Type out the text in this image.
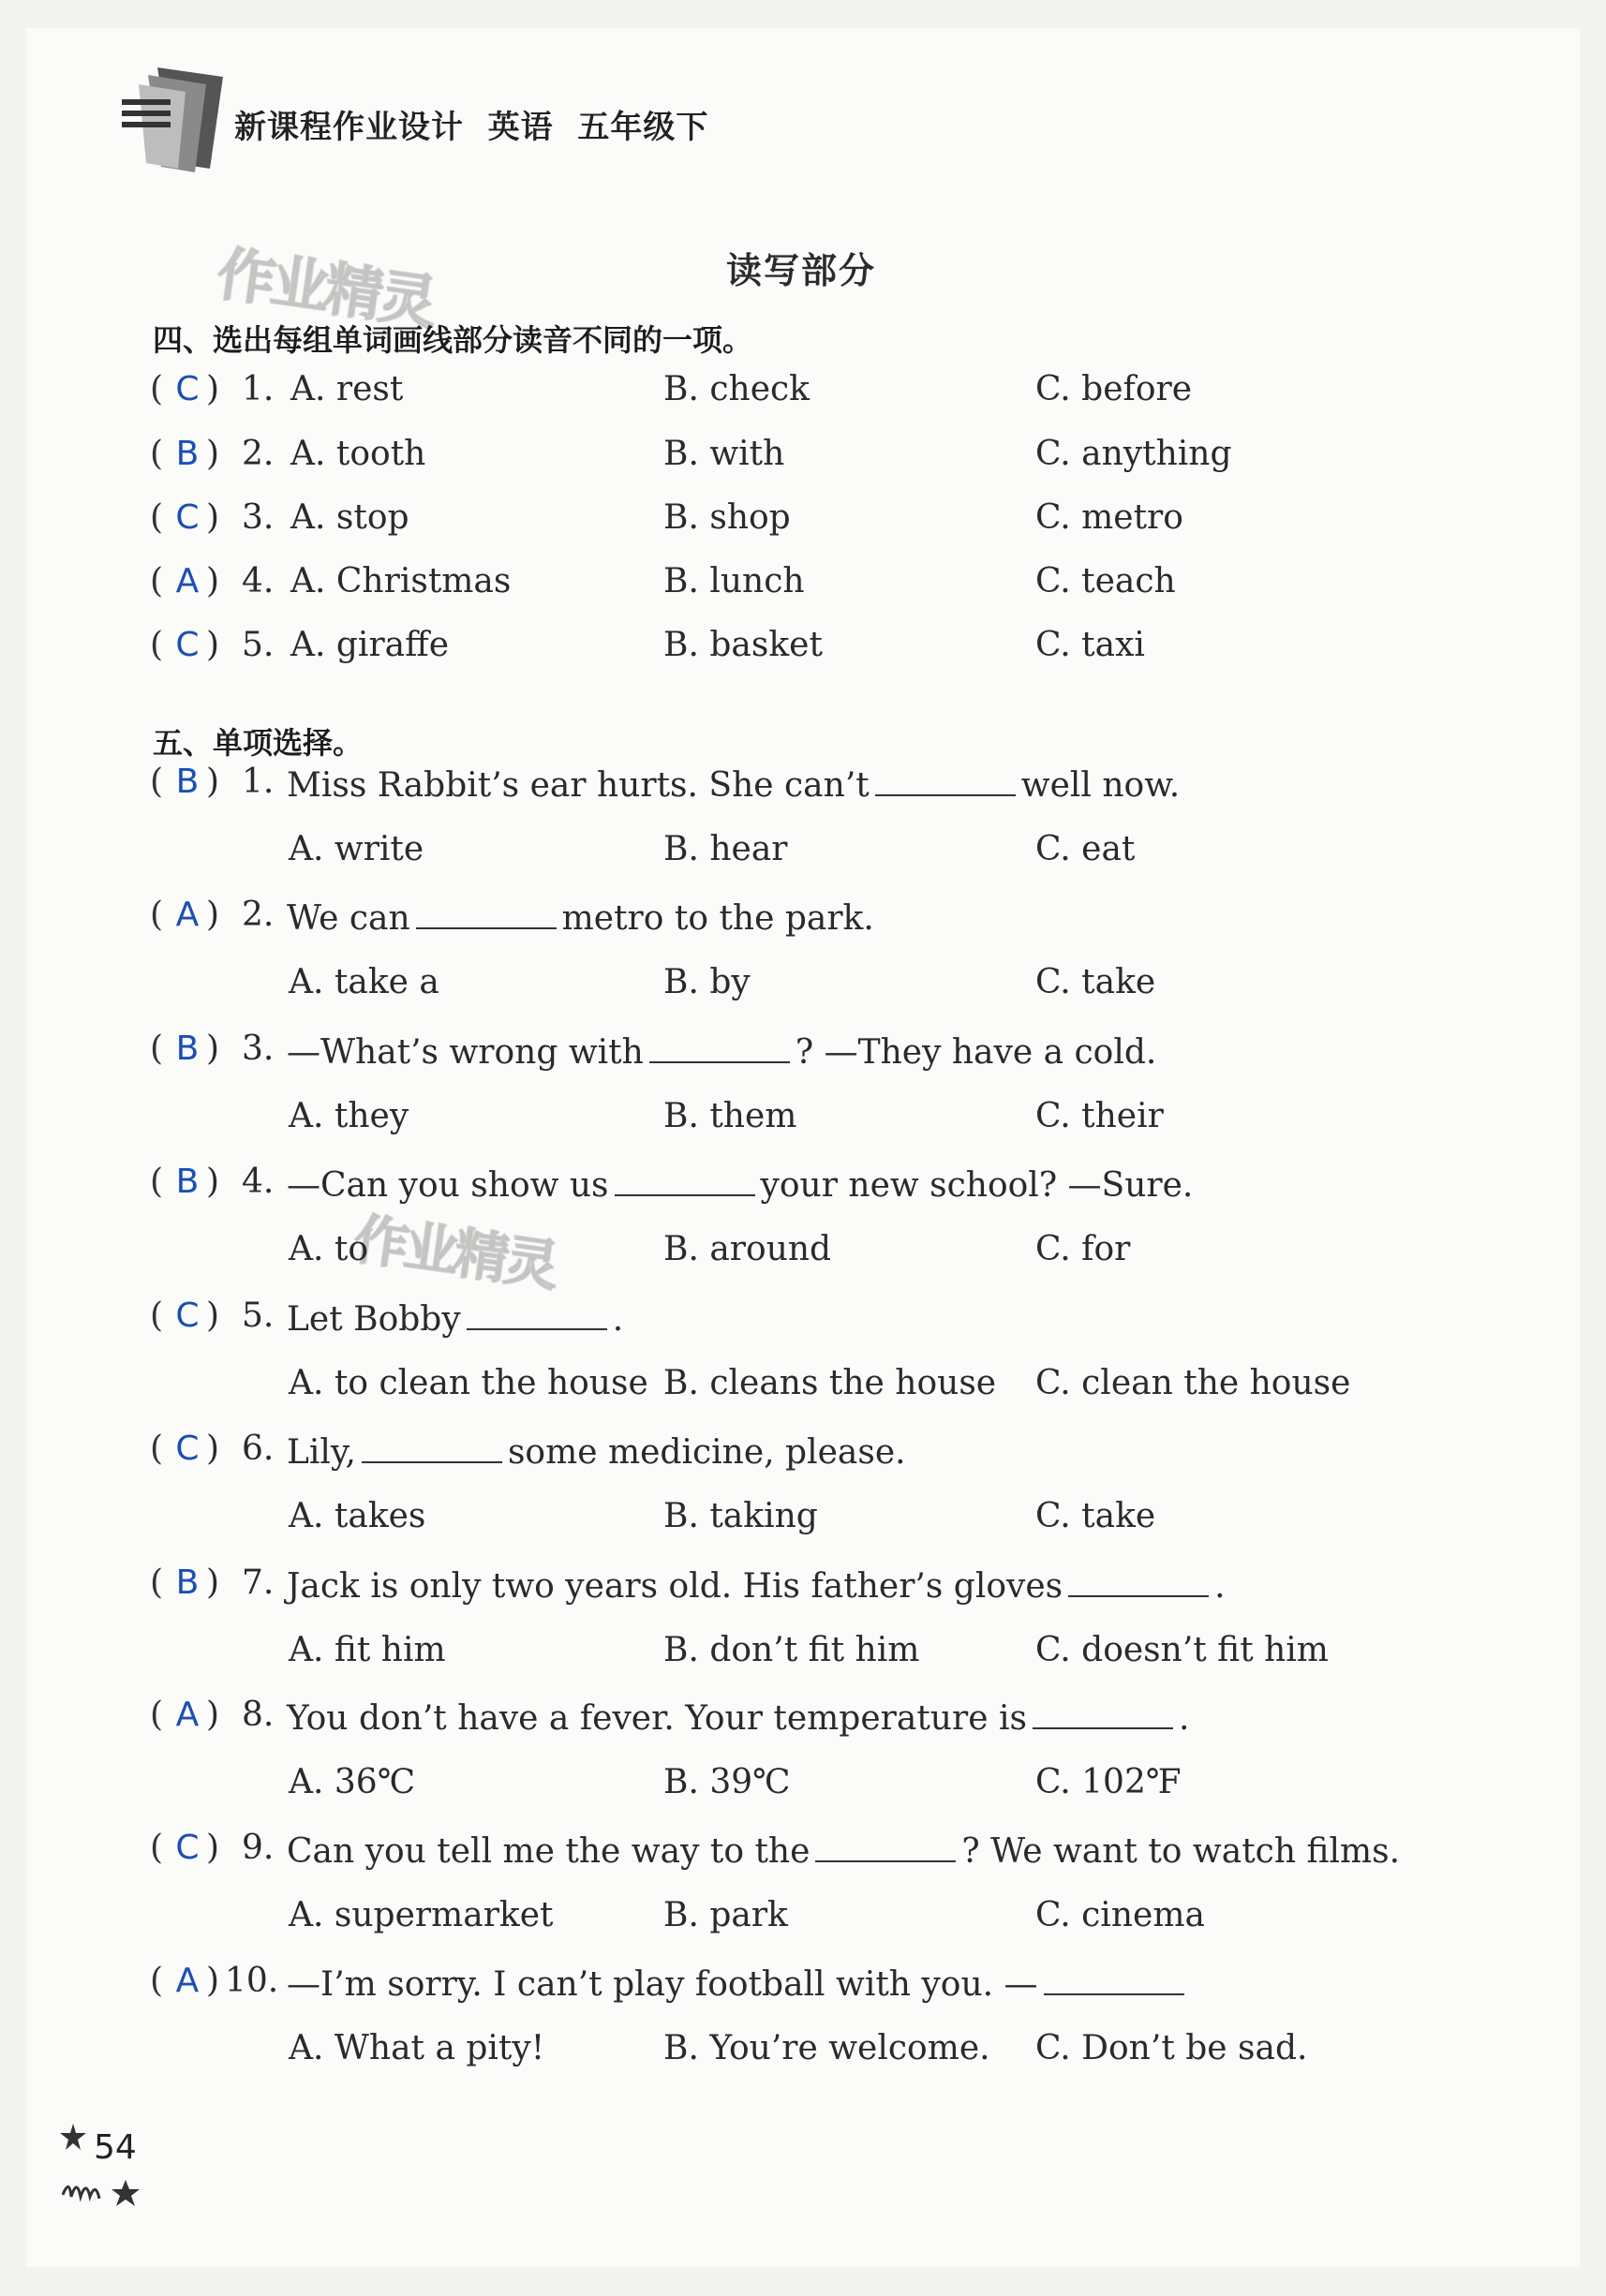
新课程作业设计  英语  五年级下
作业精灵
作业精灵
读写部分
四、选出每组单词画线部分读音不同的一项。
( C ) 1. A. rest	B. check	C. before
( B ) 2. A. tooth	B. with	C. anything
( C ) 3. A. stop	B. shop	C. metro
( A ) 4. A. Christmas	B. lunch	C. teach
( C ) 5. A. giraffe	B. basket	C. taxi
五、单项选择。
( B ) 1. Miss Rabbit’s ear hurts. She can’t	well now.
A. write	B. hear	C. eat
( A ) 2. We can	metro to the park.
A. take a	B. by	C. take
( B ) 3. —What’s wrong with	? —They have a cold.
A. they	B. them	C. their
( B ) 4. —Can you show us	your new school? —Sure.
A. to	B. around	C. for
( C ) 5. Let Bobby	.
A. to clean the house B. cleans the house C. clean the house
( C ) 6. Lily,	some medicine, please.
A. takes	B. taking	C. take
( B ) 7. Jack is only two years old. His father’s gloves	.
A. fit him	B. don’t fit him	C. doesn’t fit him
( A ) 8. You don’t have a fever. Your temperature is	.
A. 36℃	B. 39℃	C. 102℉
( C ) 9. Can you tell me the way to the	? We want to watch films.
A. supermarket	B. park	C. cinema
( A ) 10. —I’m sorry. I can’t play football with you. —
A. What a pity!	B. You’re welcome. C. Don’t be sad.
54
